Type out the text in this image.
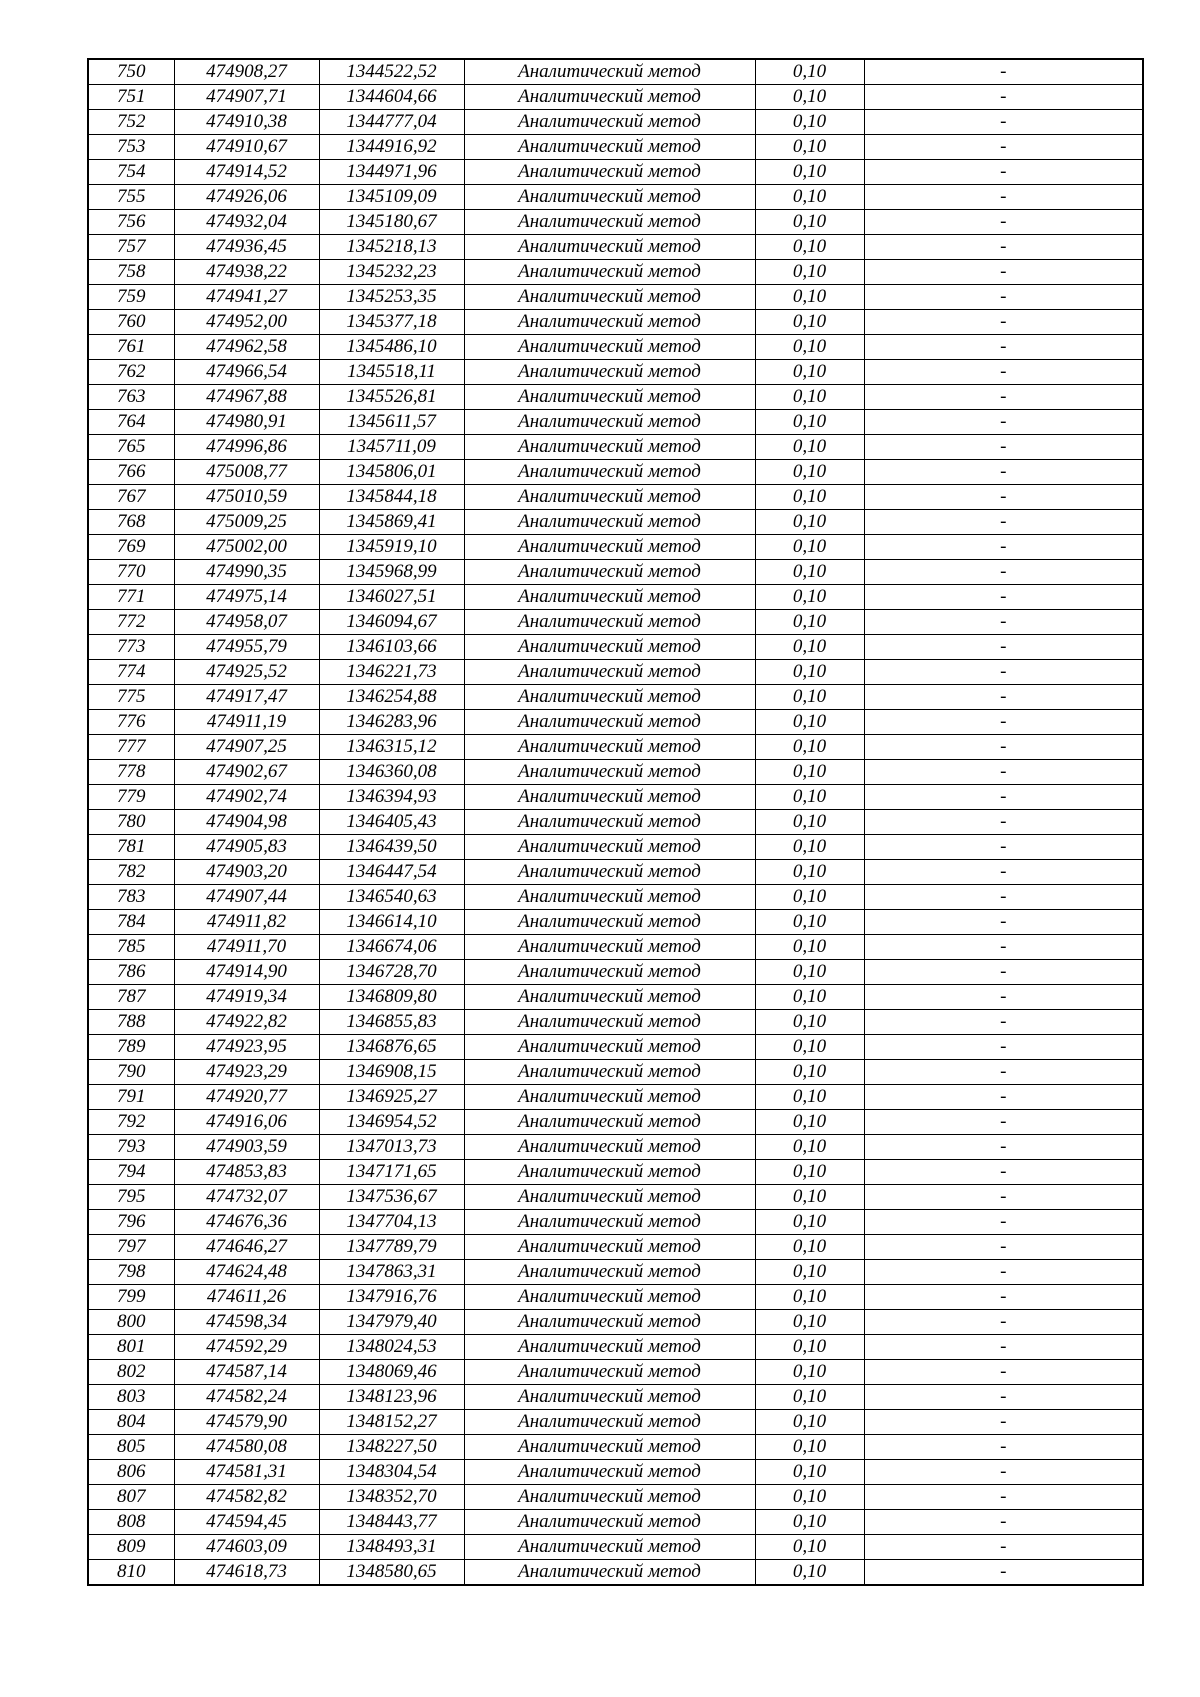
750	474908,27	1344522,52	Аналитический метод	0,10	-
751	474907,71	1344604,66	Аналитический метод	0,10	-
752	474910,38	1344777,04	Аналитический метод	0,10	-
753	474910,67	1344916,92	Аналитический метод	0,10	-
754	474914,52	1344971,96	Аналитический метод	0,10	-
755	474926,06	1345109,09	Аналитический метод	0,10	-
756	474932,04	1345180,67	Аналитический метод	0,10	-
757	474936,45	1345218,13	Аналитический метод	0,10	-
758	474938,22	1345232,23	Аналитический метод	0,10	-
759	474941,27	1345253,35	Аналитический метод	0,10	-
760	474952,00	1345377,18	Аналитический метод	0,10	-
761	474962,58	1345486,10	Аналитический метод	0,10	-
762	474966,54	1345518,11	Аналитический метод	0,10	-
763	474967,88	1345526,81	Аналитический метод	0,10	-
764	474980,91	1345611,57	Аналитический метод	0,10	-
765	474996,86	1345711,09	Аналитический метод	0,10	-
766	475008,77	1345806,01	Аналитический метод	0,10	-
767	475010,59	1345844,18	Аналитический метод	0,10	-
768	475009,25	1345869,41	Аналитический метод	0,10	-
769	475002,00	1345919,10	Аналитический метод	0,10	-
770	474990,35	1345968,99	Аналитический метод	0,10	-
771	474975,14	1346027,51	Аналитический метод	0,10	-
772	474958,07	1346094,67	Аналитический метод	0,10	-
773	474955,79	1346103,66	Аналитический метод	0,10	-
774	474925,52	1346221,73	Аналитический метод	0,10	-
775	474917,47	1346254,88	Аналитический метод	0,10	-
776	474911,19	1346283,96	Аналитический метод	0,10	-
777	474907,25	1346315,12	Аналитический метод	0,10	-
778	474902,67	1346360,08	Аналитический метод	0,10	-
779	474902,74	1346394,93	Аналитический метод	0,10	-
780	474904,98	1346405,43	Аналитический метод	0,10	-
781	474905,83	1346439,50	Аналитический метод	0,10	-
782	474903,20	1346447,54	Аналитический метод	0,10	-
783	474907,44	1346540,63	Аналитический метод	0,10	-
784	474911,82	1346614,10	Аналитический метод	0,10	-
785	474911,70	1346674,06	Аналитический метод	0,10	-
786	474914,90	1346728,70	Аналитический метод	0,10	-
787	474919,34	1346809,80	Аналитический метод	0,10	-
788	474922,82	1346855,83	Аналитический метод	0,10	-
789	474923,95	1346876,65	Аналитический метод	0,10	-
790	474923,29	1346908,15	Аналитический метод	0,10	-
791	474920,77	1346925,27	Аналитический метод	0,10	-
792	474916,06	1346954,52	Аналитический метод	0,10	-
793	474903,59	1347013,73	Аналитический метод	0,10	-
794	474853,83	1347171,65	Аналитический метод	0,10	-
795	474732,07	1347536,67	Аналитический метод	0,10	-
796	474676,36	1347704,13	Аналитический метод	0,10	-
797	474646,27	1347789,79	Аналитический метод	0,10	-
798	474624,48	1347863,31	Аналитический метод	0,10	-
799	474611,26	1347916,76	Аналитический метод	0,10	-
800	474598,34	1347979,40	Аналитический метод	0,10	-
801	474592,29	1348024,53	Аналитический метод	0,10	-
802	474587,14	1348069,46	Аналитический метод	0,10	-
803	474582,24	1348123,96	Аналитический метод	0,10	-
804	474579,90	1348152,27	Аналитический метод	0,10	-
805	474580,08	1348227,50	Аналитический метод	0,10	-
806	474581,31	1348304,54	Аналитический метод	0,10	-
807	474582,82	1348352,70	Аналитический метод	0,10	-
808	474594,45	1348443,77	Аналитический метод	0,10	-
809	474603,09	1348493,31	Аналитический метод	0,10	-
810	474618,73	1348580,65	Аналитический метод	0,10	-
